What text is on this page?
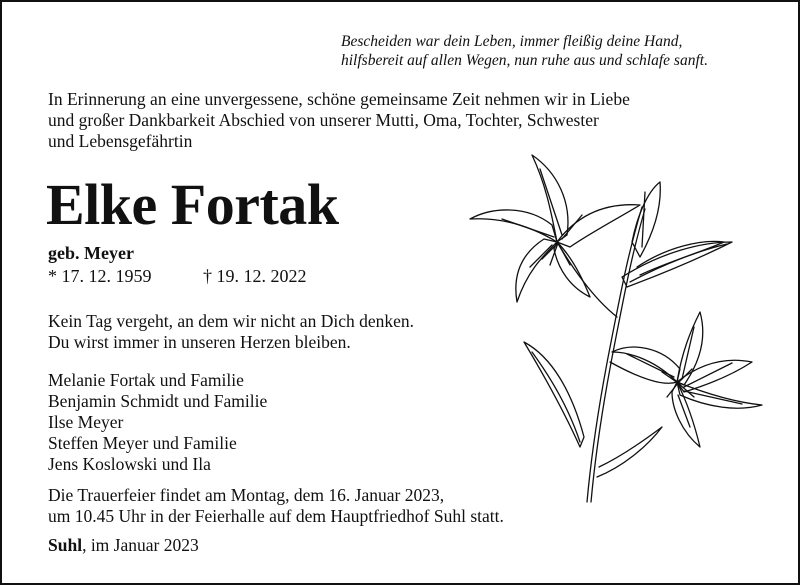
Bescheiden war dein Leben, immer fleißig deine Hand,
hilfsbereit auf allen Wegen, nun ruhe aus und schlafe sanft.
In Erinnerung an eine unvergessene, schöne gemeinsame Zeit nehmen wir in Liebe
und großer Dankbarkeit Abschied von unserer Mutti, Oma, Tochter, Schwester
und Lebensgefährtin
Elke Fortak
geb. Meyer
* 17. 12. 1959	† 19. 12. 2022
Kein Tag vergeht, an dem wir nicht an Dich denken.
Du wirst immer in unseren Herzen bleiben.
Melanie Fortak und Familie
Benjamin Schmidt und Familie
Ilse Meyer
Steffen Meyer und Familie
Jens Koslowski und Ila
Die Trauerfeier findet am Montag, dem 16. Januar 2023,
um 10.45 Uhr in der Feierhalle auf dem Hauptfriedhof Suhl statt.
Suhl, im Januar 2023
